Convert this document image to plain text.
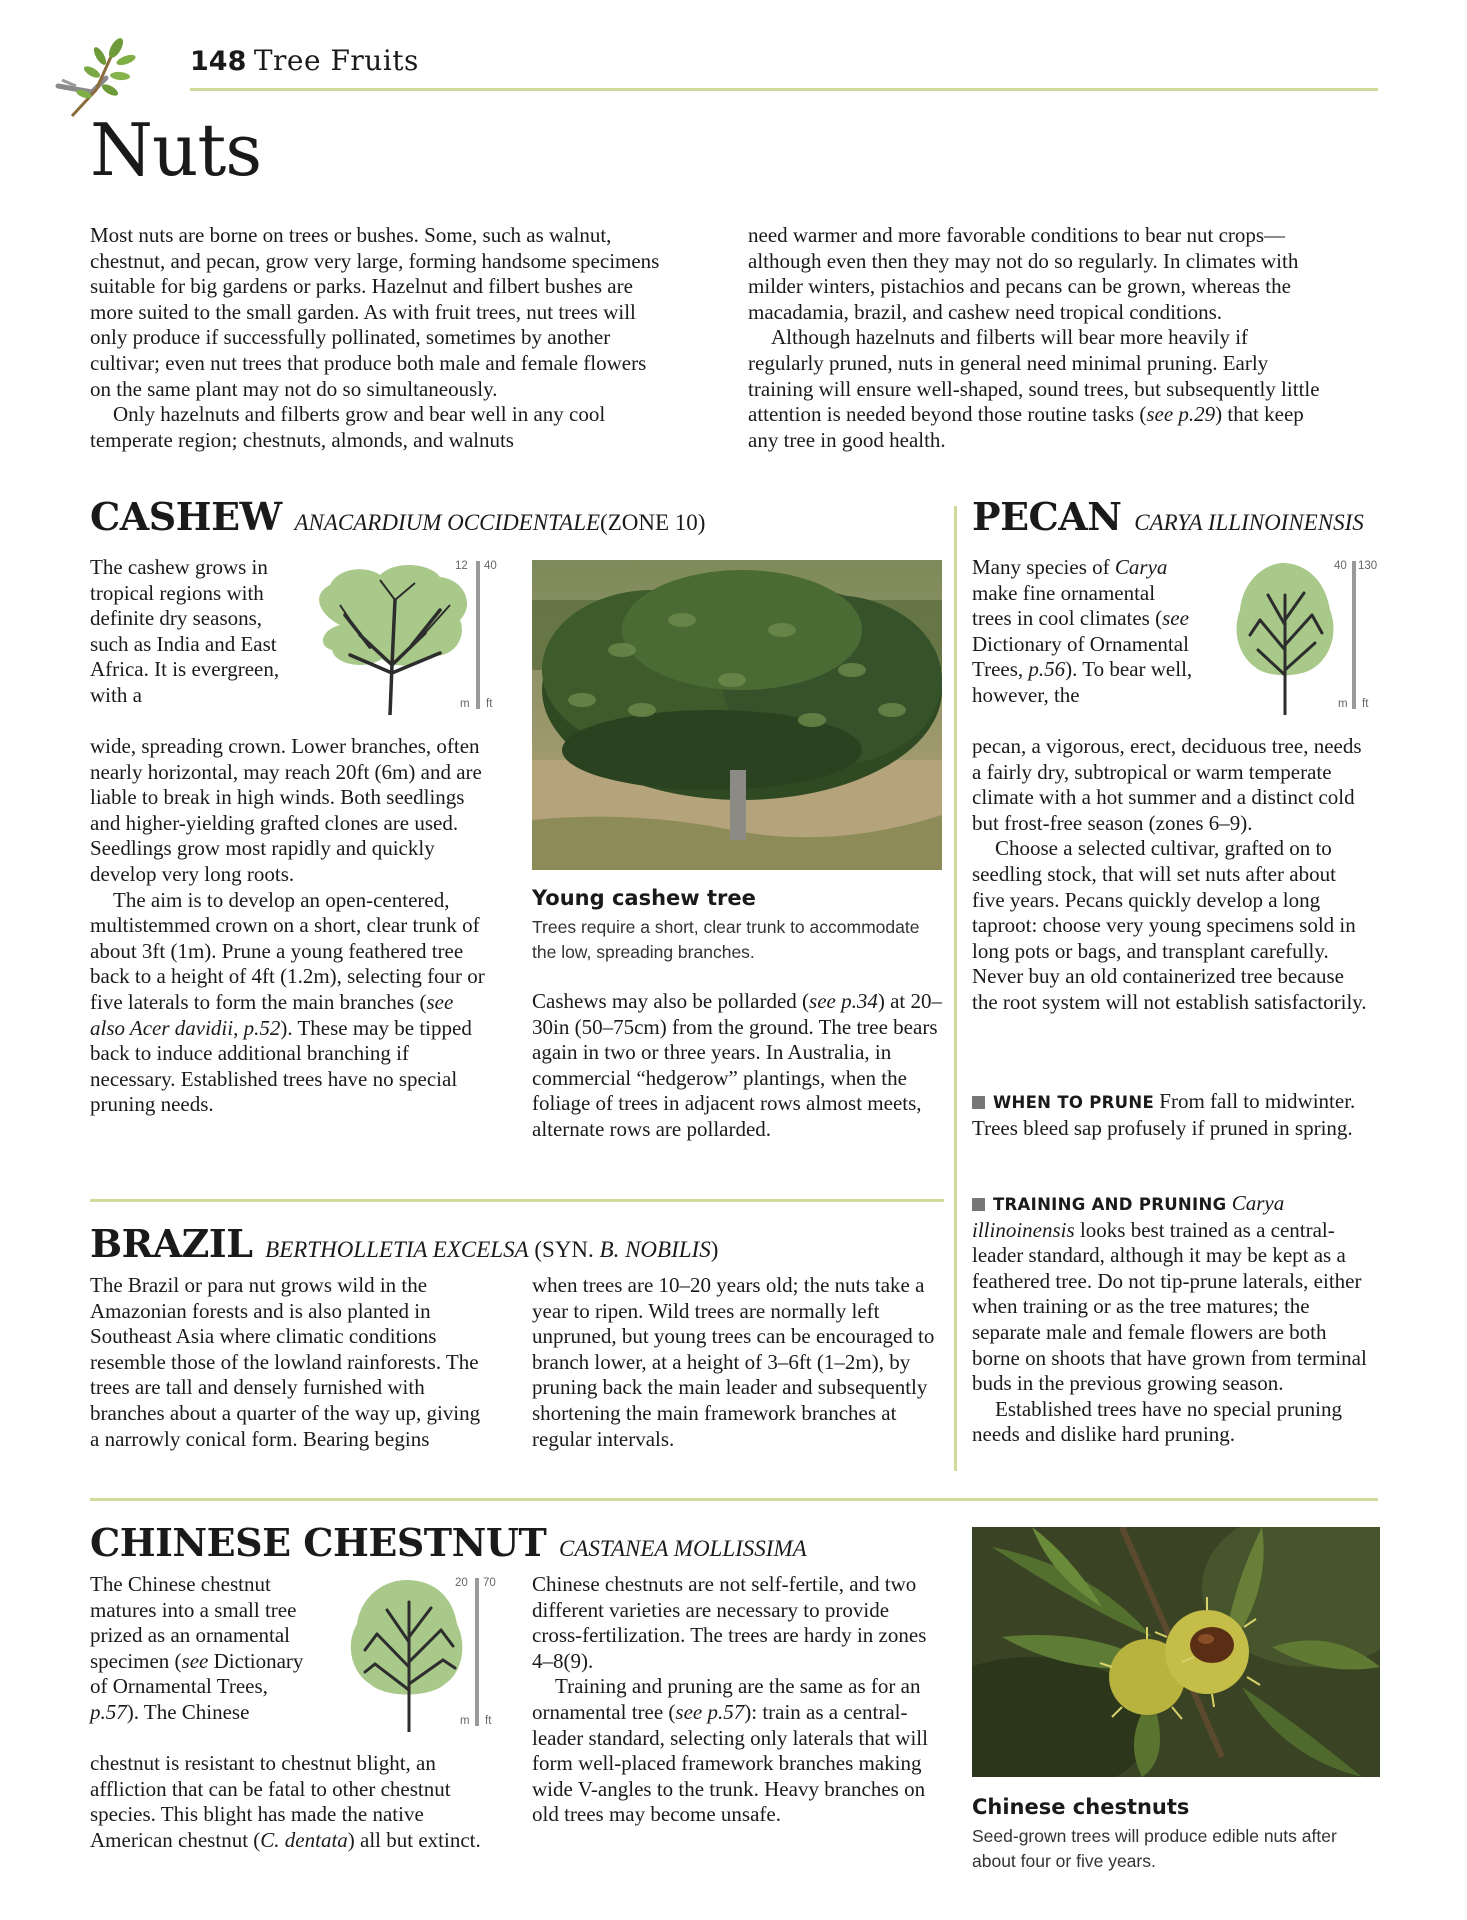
148 Tree Fruits
Nuts

Most nuts are borne on trees or bushes. Some, such as walnut, chestnut, and pecan, grow very large, forming handsome specimens suitable for big gardens or parks. Hazelnut and filbert bushes are more suited to the small garden. As with fruit trees, nut trees will only produce if successfully pollinated, sometimes by another cultivar; even nut trees that produce both male and female flowers on the same plant may not do so simultaneously.

Only hazelnuts and filberts grow and bear well in any cool temperate region; chestnuts, almonds, and walnuts

need warmer and more favorable conditions to bear nut crops—although even then they may not do so regularly. In climates with milder winters, pistachios and pecans can be grown, whereas the macadamia, brazil, and cashew need tropical conditions.

Although hazelnuts and filberts will bear more heavily if regularly pruned, nuts in general need minimal pruning. Early training will ensure well-shaped, sound trees, but subsequently little attention is needed beyond those routine tasks (see p.29) that keep any tree in good health.

CASHEW ANACARDIUM OCCIDENTALE(ZONE 10)
12 40
m ft
The cashew grows in tropical regions with definite dry seasons, such as India and East Africa. It is evergreen, with a

wide, spreading crown. Lower branches, often nearly horizontal, may reach 20ft (6m) and are liable to break in high winds. Both seedlings and higher-yielding grafted clones are used. Seedlings grow most rapidly and quickly develop very long roots.

The aim is to develop an open-centered, multistemmed crown on a short, clear trunk of about 3ft (1m). Prune a young feathered tree back to a height of 4ft (1.2m), selecting four or five laterals to form the main branches (see also Acer davidii, p.52). These may be tipped back to induce additional branching if necessary. Established trees have no special pruning needs.

Young cashew tree
Trees require a short, clear trunk to accommodate the low, spreading branches.

Cashews may also be pollarded (see p.34) at 20–30in (50–75cm) from the ground. The tree bears again in two or three years. In Australia, in commercial “hedgerow” plantings, when the foliage of trees in adjacent rows almost meets, alternate rows are pollarded.

BRAZIL BERTHOLLETIA EXCELSA (SYN. B. NOBILIS)
The Brazil or para nut grows wild in the Amazonian forests and is also planted in Southeast Asia where climatic conditions resemble those of the lowland rainforests. The trees are tall and densely furnished with branches about a quarter of the way up, giving a narrowly conical form. Bearing begins
when trees are 10–20 years old; the nuts take a year to ripen. Wild trees are normally left unpruned, but young trees can be encouraged to branch lower, at a height of 3–6ft (1–2m), by pruning back the main leader and subsequently shortening the main framework branches at regular intervals.
PECAN CARYA ILLINOINENSIS
40 130
m ft

Many species of Carya make fine ornamental trees in cool climates (see Dictionary of Ornamental Trees, p.56). To bear well, however, the

pecan, a vigorous, erect, deciduous tree, needs a fairly dry, subtropical or warm temperate climate with a hot summer and a distinct cold but frost-free season (zones 6–9).

Choose a selected cultivar, grafted on to seedling stock, that will set nuts after about five years. Pecans quickly develop a long taproot: choose very young specimens sold in long pots or bags, and transplant carefully. Never buy an old containerized tree because the root system will not establish satisfactorily.

WHEN TO PRUNE From fall to midwinter. Trees bleed sap profusely if pruned in spring.

TRAINING AND PRUNING Carya illinoinensis looks best trained as a central-leader standard, although it may be kept as a feathered tree. Do not tip-prune laterals, either when training or as the tree matures; the separate male and female flowers are both borne on shoots that have grown from terminal buds in the previous growing season.

Established trees have no special pruning needs and dislike hard pruning.

CHINESE CHESTNUT CASTANEA MOLLISSIMA
20 70
m ft

The Chinese chestnut matures into a small tree prized as an ornamental specimen (see Dictionary of Ornamental Trees, p.57). The Chinese

chestnut is resistant to chestnut blight, an affliction that can be fatal to other chestnut species. This blight has made the native American chestnut (C. dentata) all but extinct.

Chinese chestnuts are not self-fertile, and two different varieties are necessary to provide cross-fertilization. The trees are hardy in zones 4–8(9).

Training and pruning are the same as for an ornamental tree (see p.57): train as a central-leader standard, selecting only laterals that will form well-placed framework branches making wide V-angles to the trunk. Heavy branches on old trees may become unsafe.	Chinese chestnuts
Seed-grown trees will produce edible nuts after about four or five years.
